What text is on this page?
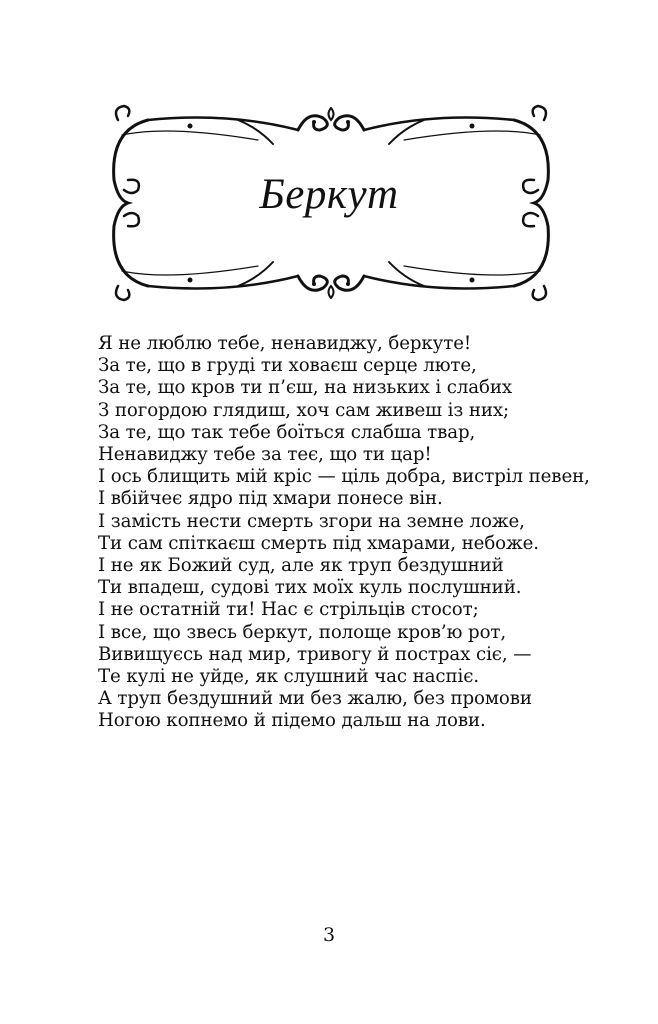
Беркут
Я не люблю тебе, ненавиджу, беркуте!
За те, що в груді ти ховаєш серце люте,
За те, що кров ти п’єш, на низьких і слабих
З погордою глядиш, хоч сам живеш із них;
За те, що так тебе боїться слабша твар,
Ненавиджу тебе за теє, що ти цар!
І ось блищить мій кріс — ціль добра, вистріл певен,
І вбійчеє ядро під хмари понесе він.
І замість нести смерть згори на земне ложе,
Ти сам спіткаєш смерть під хмарами, небоже.
І не як Божий суд, але як труп бездушний
Ти впадеш, судові тих моїх куль послушний.
І не остатній ти! Нас є стрільців стосот;
І все, що звесь беркут, полоще кров’ю рот,
Вивищуєсь над мир, тривогу й пострах сіє, —
Те кулі не уйде, як слушний час наспіє.
А труп бездушний ми без жалю, без промови
Ногою копнемо й підемо дальш на лови.
3
